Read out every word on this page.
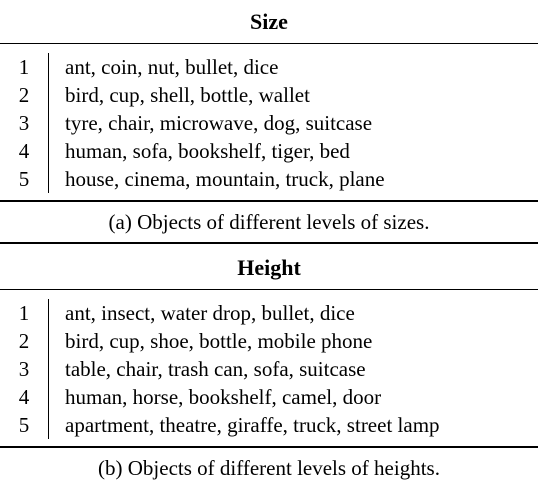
Size
1	ant, coin, nut, bullet, dice
2	bird, cup, shell, bottle, wallet
3	tyre, chair, microwave, dog, suitcase
4	human, sofa, bookshelf, tiger, bed
5	house, cinema, mountain, truck, plane
(a) Objects of different levels of sizes.
Height
1	ant, insect, water drop, bullet, dice
2	bird, cup, shoe, bottle, mobile phone
3	table, chair, trash can, sofa, suitcase
4	human, horse, bookshelf, camel, door
5	apartment, theatre, giraffe, truck, street lamp
(b) Objects of different levels of heights.
